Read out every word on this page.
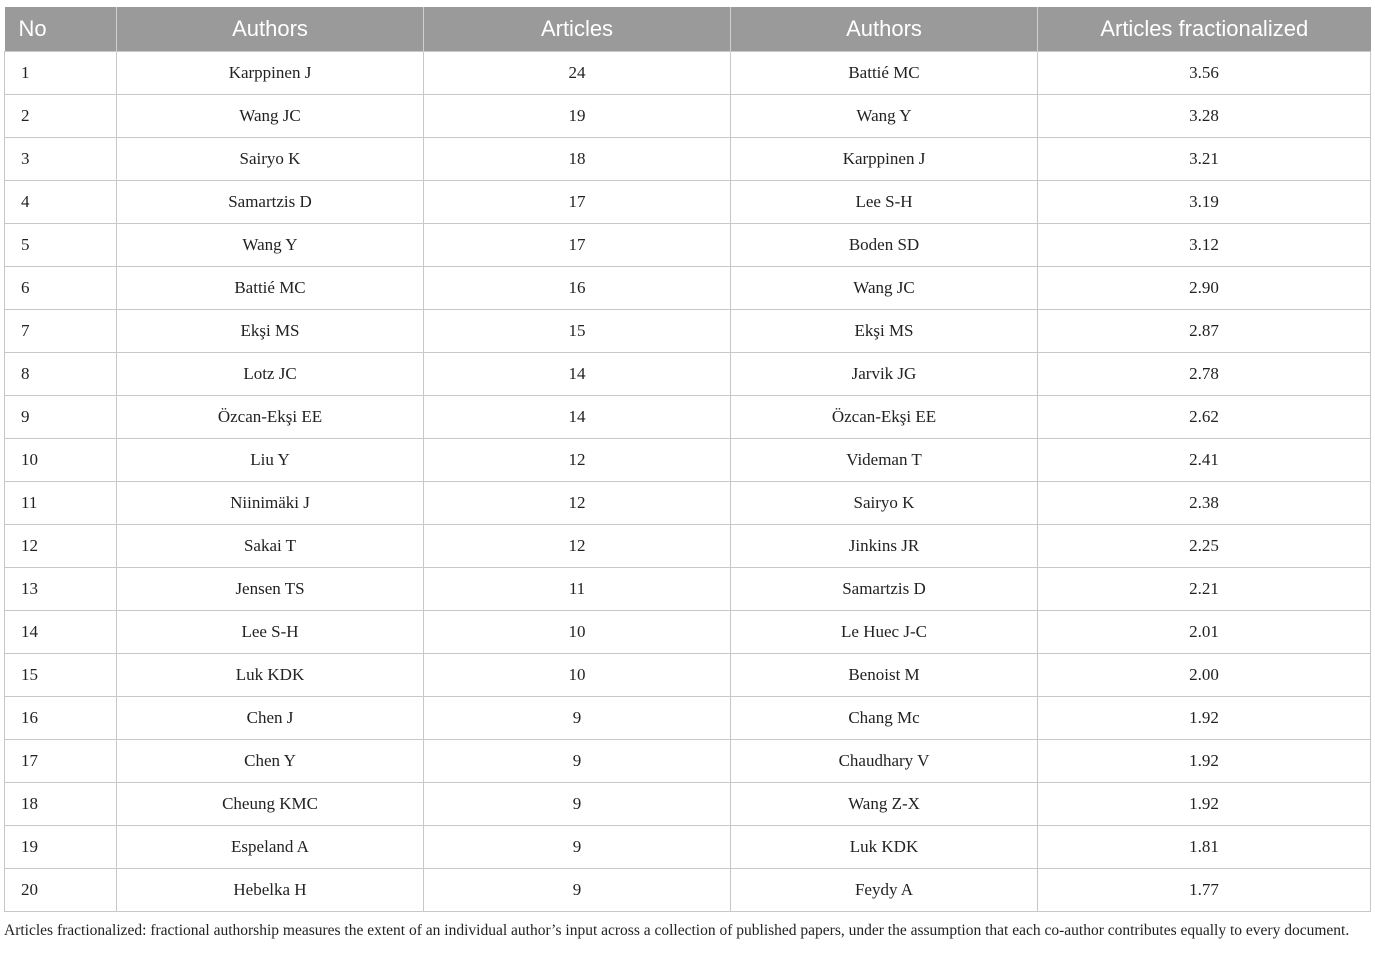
No	Authors	Articles	Authors	Articles fractionalized
1	Karppinen J	24	Battié MC	3.56
2	Wang JC	19	Wang Y	3.28
3	Sairyo K	18	Karppinen J	3.21
4	Samartzis D	17	Lee S-H	3.19
5	Wang Y	17	Boden SD	3.12
6	Battié MC	16	Wang JC	2.90
7	Ekşi MS	15	Ekşi MS	2.87
8	Lotz JC	14	Jarvik JG	2.78
9	Özcan-Ekşi EE	14	Özcan-Ekşi EE	2.62
10	Liu Y	12	Videman T	2.41
11	Niinimäki J	12	Sairyo K	2.38
12	Sakai T	12	Jinkins JR	2.25
13	Jensen TS	11	Samartzis D	2.21
14	Lee S-H	10	Le Huec J-C	2.01
15	Luk KDK	10	Benoist M	2.00
16	Chen J	9	Chang Mc	1.92
17	Chen Y	9	Chaudhary V	1.92
18	Cheung KMC	9	Wang Z-X	1.92
19	Espeland A	9	Luk KDK	1.81
20	Hebelka H	9	Feydy A	1.77
Articles fractionalized: fractional authorship measures the extent of an individual author’s input across a collection of published papers, under the assumption that each co-author contributes equally to every document.
